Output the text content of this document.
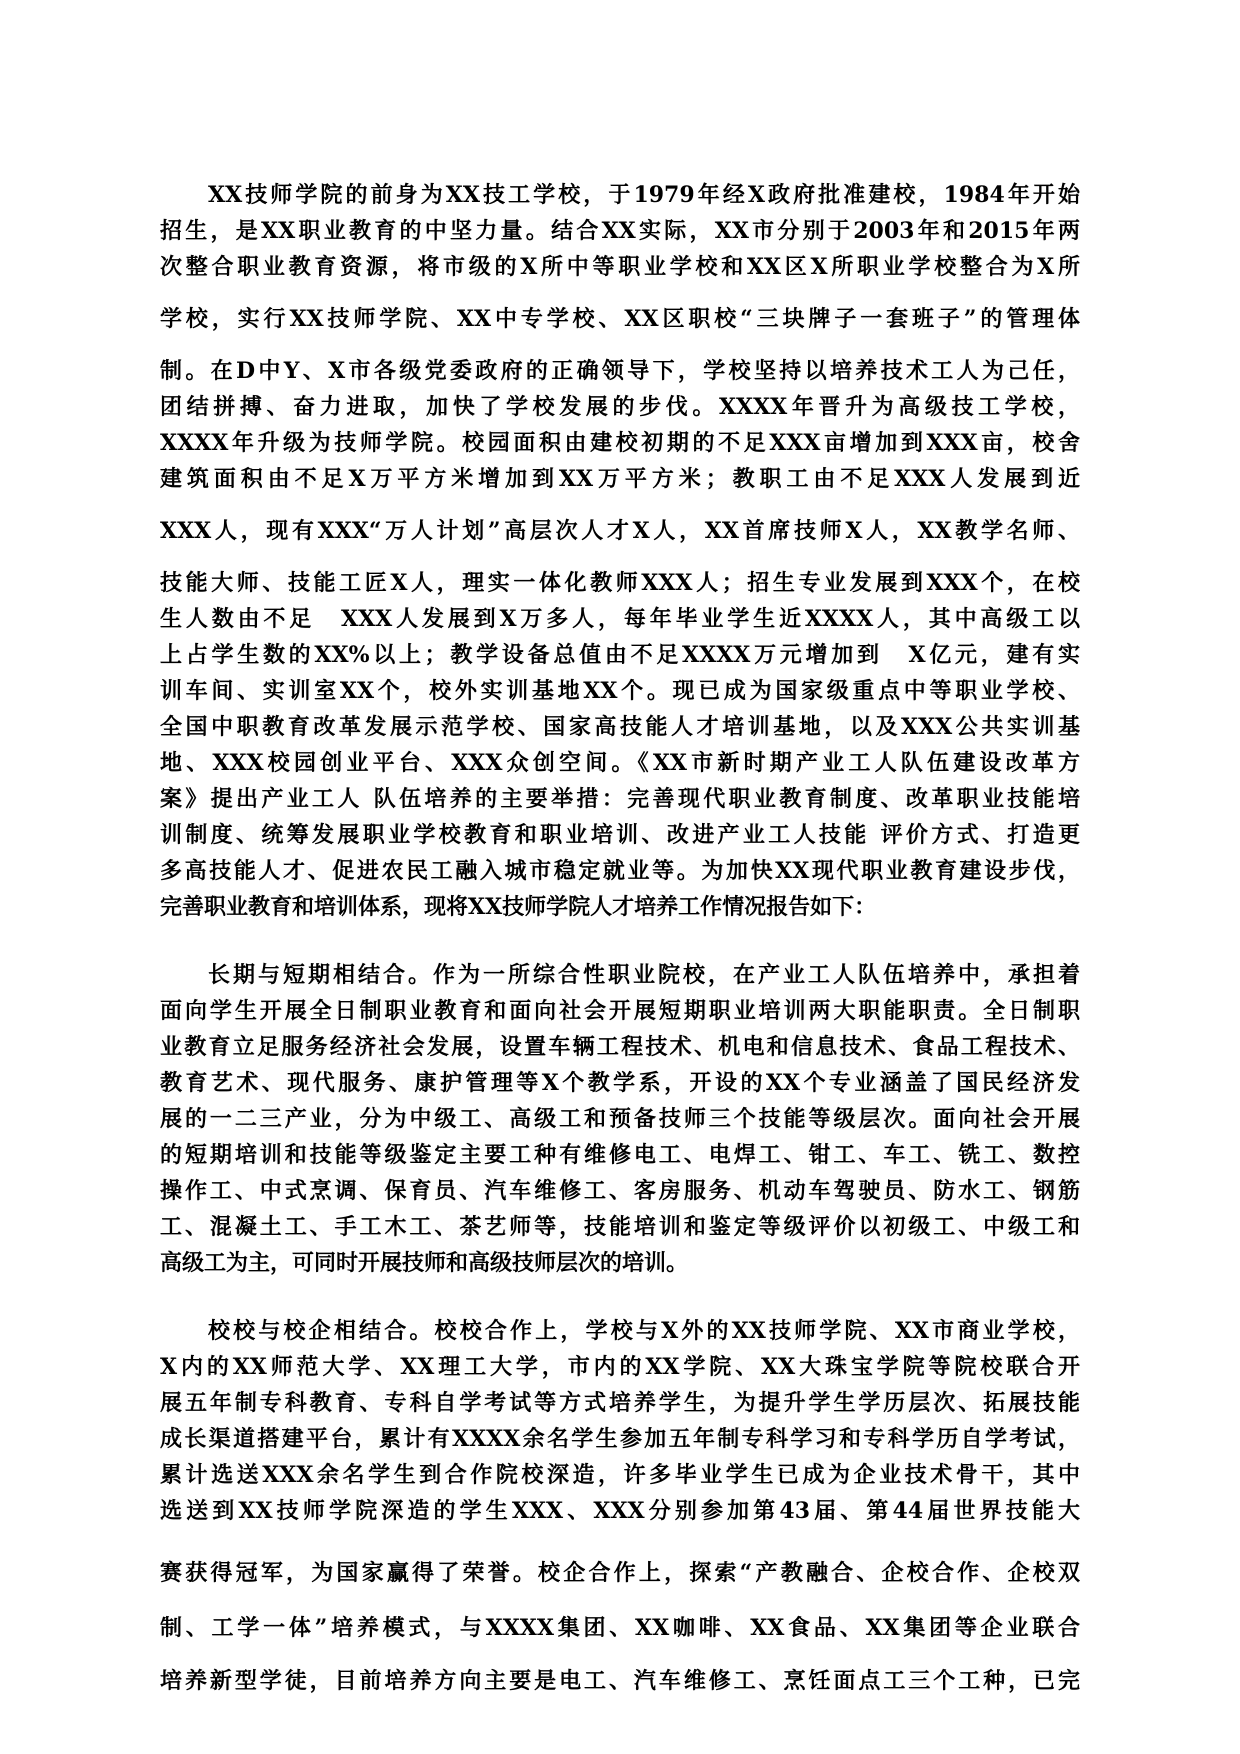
XX技师学院的前身为XX技工学校，于1979年经X政府批准建校，1984年开始
招生，是XX职业教育的中坚力量。结合XX实际，XX市分别于2003年和2015年两
次整合职业教育资源，将市级的X所中等职业学校和XX区X所职业学校整合为X所
学校，实行XX技师学院、XX中专学校、XX区职校“三块牌子一套班子”的管理体
制。在D中Y、X市各级党委政府的正确领导下，学校坚持以培养技术工人为己任，
团结拼搏、奋力进取，加快了学校发展的步伐。XXXX年晋升为高级技工学校，
XXXX年升级为技师学院。校园面积由建校初期的不足XXX亩增加到XXX亩，校舍
建筑面积由不足X万平方米增加到XX万平方米；教职工由不足XXX人发展到近
XXX人，现有XXX“万人计划”高层次人才X人，XX首席技师X人，XX教学名师、
技能大师、技能工匠X人，理实一体化教师XXX人；招生专业发展到XXX个，在校
生人数由不足　XXX人发展到X万多人，每年毕业学生近XXXX人，其中高级工以
上占学生数的XX%以上；教学设备总值由不足XXXX万元增加到　X亿元，建有实
训车间、实训室XX个，校外实训基地XX个。现已成为国家级重点中等职业学校、
全国中职教育改革发展示范学校、国家高技能人才培训基地，以及XXX公共实训基
地、XXX校园创业平台、XXX众创空间。《XX市新时期产业工人队伍建设改革方
案》提出产业工人 队伍培养的主要举措：完善现代职业教育制度、改革职业技能培
训制度、统筹发展职业学校教育和职业培训、改进产业工人技能 评价方式、打造更
多高技能人才、促进农民工融入城市稳定就业等。为加快XX现代职业教育建设步伐，
完善职业教育和培训体系，现将XX技师学院人才培养工作情况报告如下：
长期与短期相结合。作为一所综合性职业院校，在产业工人队伍培养中，承担着
面向学生开展全日制职业教育和面向社会开展短期职业培训两大职能职责。全日制职
业教育立足服务经济社会发展，设置车辆工程技术、机电和信息技术、食品工程技术、
教育艺术、现代服务、康护管理等X个教学系，开设的XX个专业涵盖了国民经济发
展的一二三产业，分为中级工、高级工和预备技师三个技能等级层次。面向社会开展
的短期培训和技能等级鉴定主要工种有维修电工、电焊工、钳工、车工、铣工、数控
操作工、中式烹调、保育员、汽车维修工、客房服务、机动车驾驶员、防水工、钢筋
工、混凝土工、手工木工、茶艺师等，技能培训和鉴定等级评价以初级工、中级工和
高级工为主，可同时开展技师和高级技师层次的培训。
校校与校企相结合。校校合作上，学校与X外的XX技师学院、XX市商业学校，
X内的XX师范大学、XX理工大学，市内的XX学院、XX大珠宝学院等院校联合开
展五年制专科教育、专科自学考试等方式培养学生，为提升学生学历层次、拓展技能
成长渠道搭建平台，累计有XXXX余名学生参加五年制专科学习和专科学历自学考试，
累计选送XXX余名学生到合作院校深造，许多毕业学生已成为企业技术骨干，其中
选送到XX技师学院深造的学生XXX、XXX分别参加第43届、第44届世界技能大
赛获得冠军，为国家赢得了荣誉。校企合作上，探索“产教融合、企校合作、企校双
制、工学一体”培养模式，与XXXX集团、XX咖啡、XX食品、XX集团等企业联合
培养新型学徒，目前培养方向主要是电工、汽车维修工、烹饪面点工三个工种，已完
